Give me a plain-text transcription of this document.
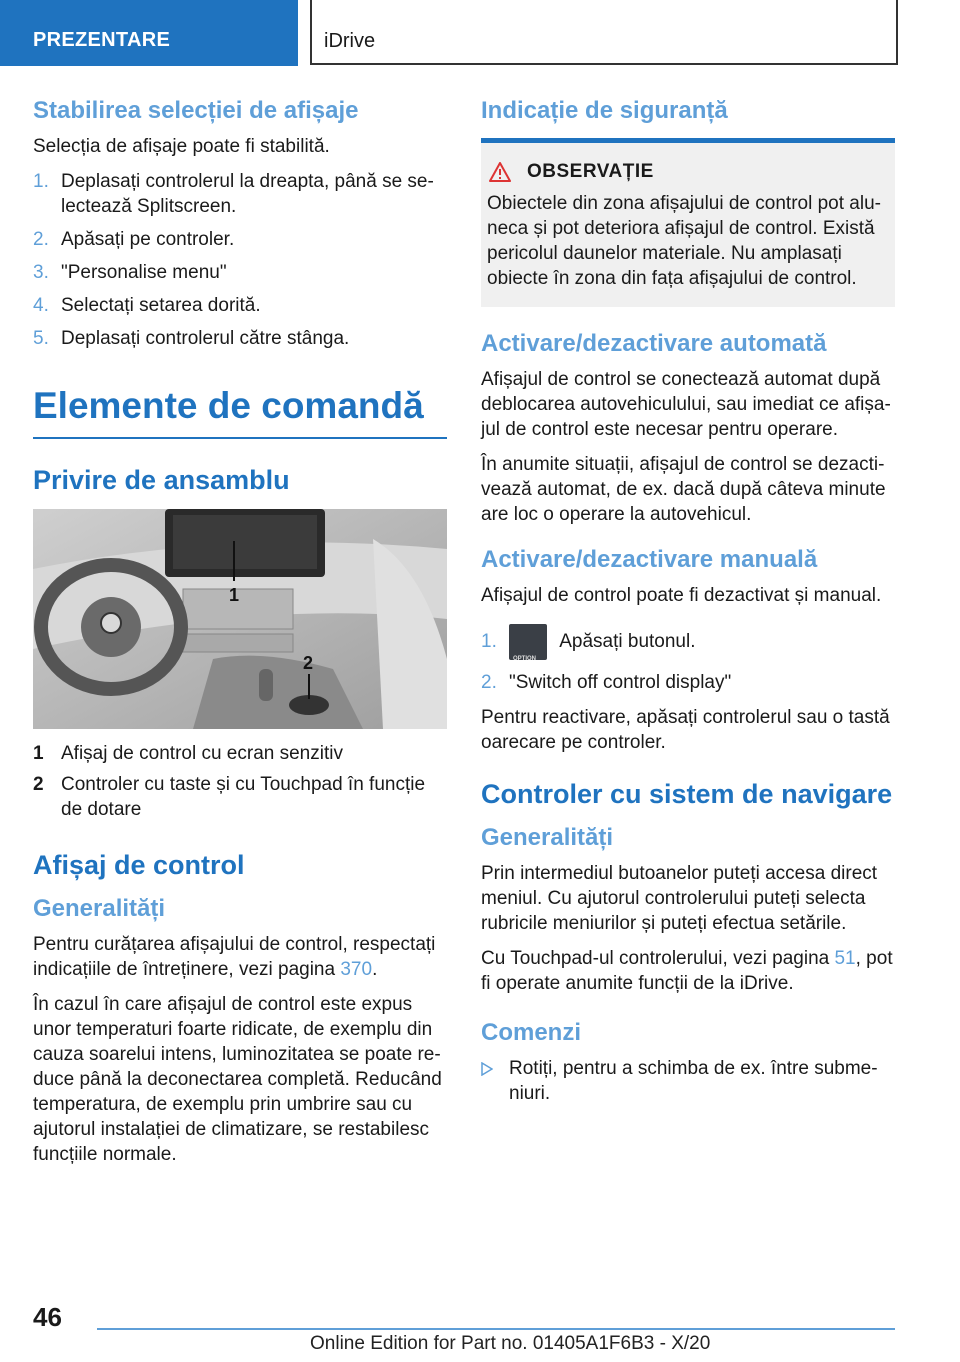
PREZENTARE	iDrive
Stabilirea selecției de afișaje

Selecția de afișaje poate fi stabilită.

1. Deplasați controlerul la dreapta, până se selectează Splitscreen.
2. Apăsați pe controler.
3. "Personalise menu"
4. Selectați setarea dorită.
5. Deplasați controlerul către stânga.
Elemente de comandă
Privire de ansamblu
1
2
1 Afișaj de control cu ecran senzitiv
2 Controler cu taste și cu Touchpad în funcție de dotare
Afișaj de control
Generalități

Pentru curățarea afișajului de control, respectați indicațiile de întreținere, vezi pagina 370.

În cazul în care afișajul de control este expus unor temperaturi foarte ridicate, de exemplu din cauza soarelui intens, luminozitatea se poate reduce până la deconectarea completă. Reducând temperatura, de exemplu prin umbrire sau cu ajutorul instalației de climatizare, se restabilesc funcțiile normale.

Indicație de siguranță
OBSERVAȚIE

Obiectele din zona afișajului de control pot aluneca și pot deteriora afișajul de control. Există pericolul daunelor materiale. Nu amplasați obiecte în zona din fața afișajului de control.

Activare/dezactivare automată

Afișajul de control se conectează automat după deblocarea autovehiculului, sau imediat ce afișajul de control este necesar pentru operare.

În anumite situații, afișajul de control se dezactivează automat, de ex. dacă după câteva minute are loc o operare la autovehicul.

Activare/dezactivare manuală

Afișajul de control poate fi dezactivat și manual.

1.
OPTION
Apăsați butonul.
2. "Switch off control display"

Pentru reactivare, apăsați controlerul sau o tastă oarecare pe controler.

Controler cu sistem de navigare
Generalități

Prin intermediul butoanelor puteți accesa direct meniul. Cu ajutorul controlerului puteți selecta rubricile meniurilor și puteți efectua setările.

Cu Touchpad-ul controlerului, vezi pagina 51, pot fi operate anumite funcții de la iDrive.

Comenzi
Rotiți, pentru a schimba de ex. între submeniuri.
46
Online Edition for Part no. 01405A1F6B3 - X/20
